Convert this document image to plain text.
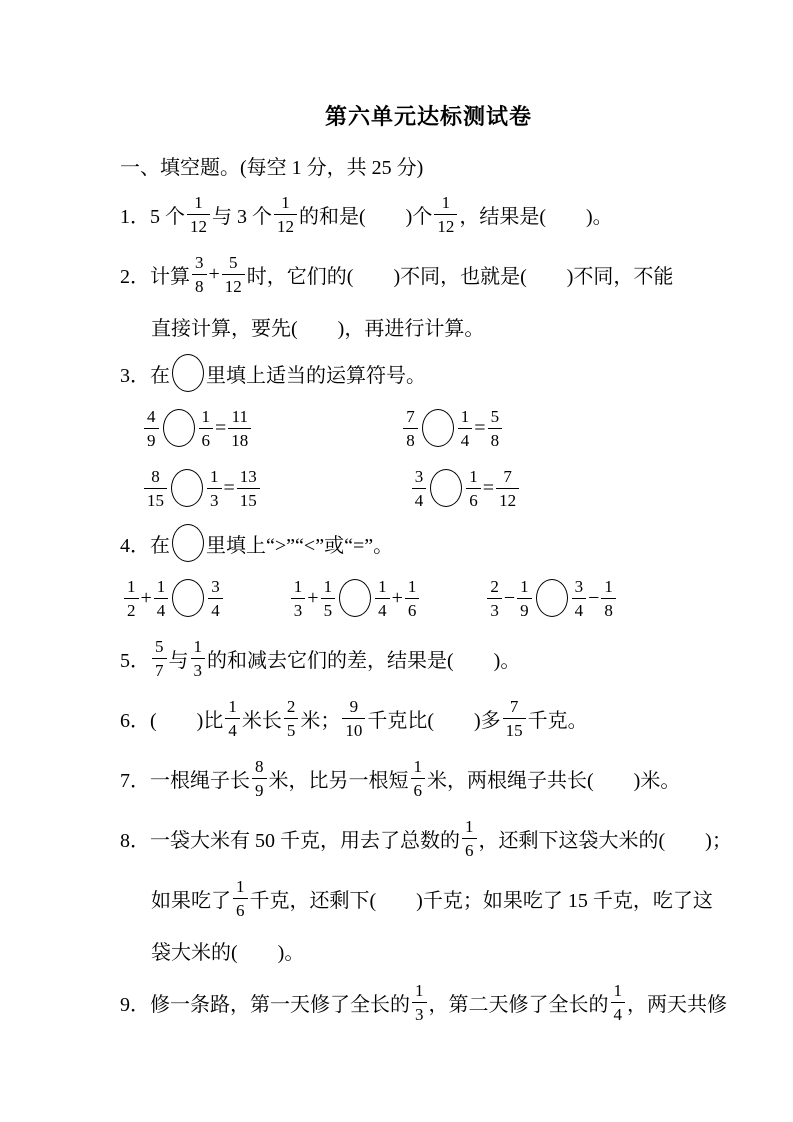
第六单元达标测试卷
一、填空题。(每空 1 分，共 25 分)
1． 5 个 $\frac{1}{12}$ 与 3 个 $\frac{1}{12}$ 的和是(　　)个 $\frac{1}{12}$ ，结果是(　　)。
2． 计算 $\frac{3}{8} + \frac{5}{12}$ 时，它们的(　　)不同，也就是(　　)不同，不能
直接计算，要先(　　)，再进行计算。
3． 在 里填上适当的运算符号。
$\frac{4}{9} \frac{1}{6} = \frac{11}{18}$	$\frac{7}{8} \frac{1}{4} = \frac{5}{8}$
$\frac{8}{15} \frac{1}{3} = \frac{13}{15}$	$\frac{3}{4} \frac{1}{6} = \frac{7}{12}$
4． 在 里填上“>”“<”或“=”。
$\frac{1}{2} + \frac{1}{4} \frac{3}{4}$	$\frac{1}{3} + \frac{1}{5} \frac{1}{4} + \frac{1}{6}$	$\frac{2}{3} - \frac{1}{9} \frac{3}{4} - \frac{1}{8}$
5． $\frac{5}{7}$ 与 $\frac{1}{3}$ 的和减去它们的差，结果是(　　)。
6． (　　)比 $\frac{1}{4}$ 米长 $\frac{2}{5}$ 米； $\frac{9}{10}$ 千克比(　　)多 $\frac{7}{15}$ 千克。
7． 一根绳子长 $\frac{8}{9}$ 米，比另一根短 $\frac{1}{6}$ 米，两根绳子共长(　　)米。
8． 一袋大米有 50 千克，用去了总数的 $\frac{1}{6}$ ，还剩下这袋大米的(　　)；
如果吃了 $\frac{1}{6}$ 千克，还剩下(　　)千克；如果吃了 15 千克，吃了这
袋大米的(　　)。
9． 修一条路，第一天修了全长的 $\frac{1}{3}$ ，第二天修了全长的 $\frac{1}{4}$ ，两天共修
